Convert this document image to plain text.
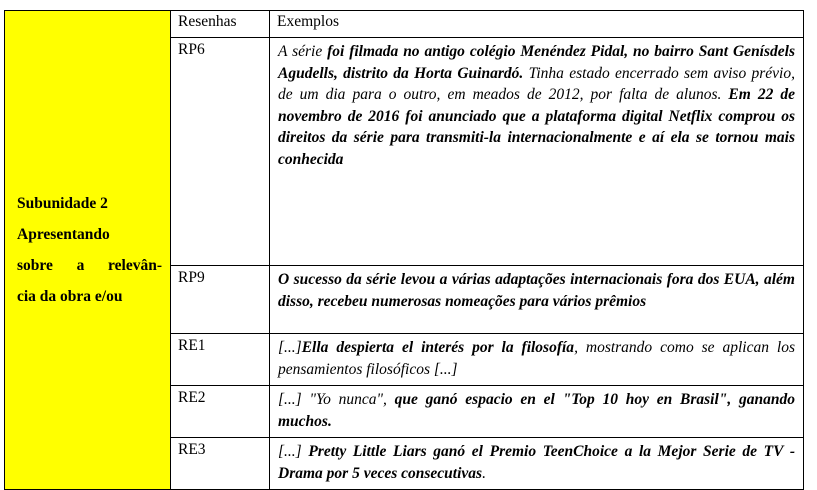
Subunidade 2
Apresentando
sobre a relevân-
cia da obra e/ou	Resenhas	Exemplos
	RP6	A série foi filmada no antigo colégio Menéndez Pidal, no bairro Sant Genísdels Agudells, distrito da Horta Guinardó. Tinha estado encerrado sem aviso prévio, de um dia para o outro, em meados de 2012, por falta de alunos. Em 22 de novembro de 2016 foi anunciado que a plataforma digital Netflix comprou os direitos da série para transmiti-la internacionalmente e aí ela se tornou mais conhecida
	RP9	O sucesso da série levou a várias adaptações internacionais fora dos EUA, além disso, recebeu numerosas nomeações para vários prêmios
	RE1	[...]Ella despierta el interés por la filosofía, mostrando como se aplican los pensamientos filosóficos [...]
	RE2	[...] "Yo nunca", que ganó espacio en el "Top 10 hoy en Brasil", ganando muchos.
	RE3	[...] Pretty Little Liars ganó el Premio TeenChoice a la Mejor Serie de TV - Drama por 5 veces consecutivas.
